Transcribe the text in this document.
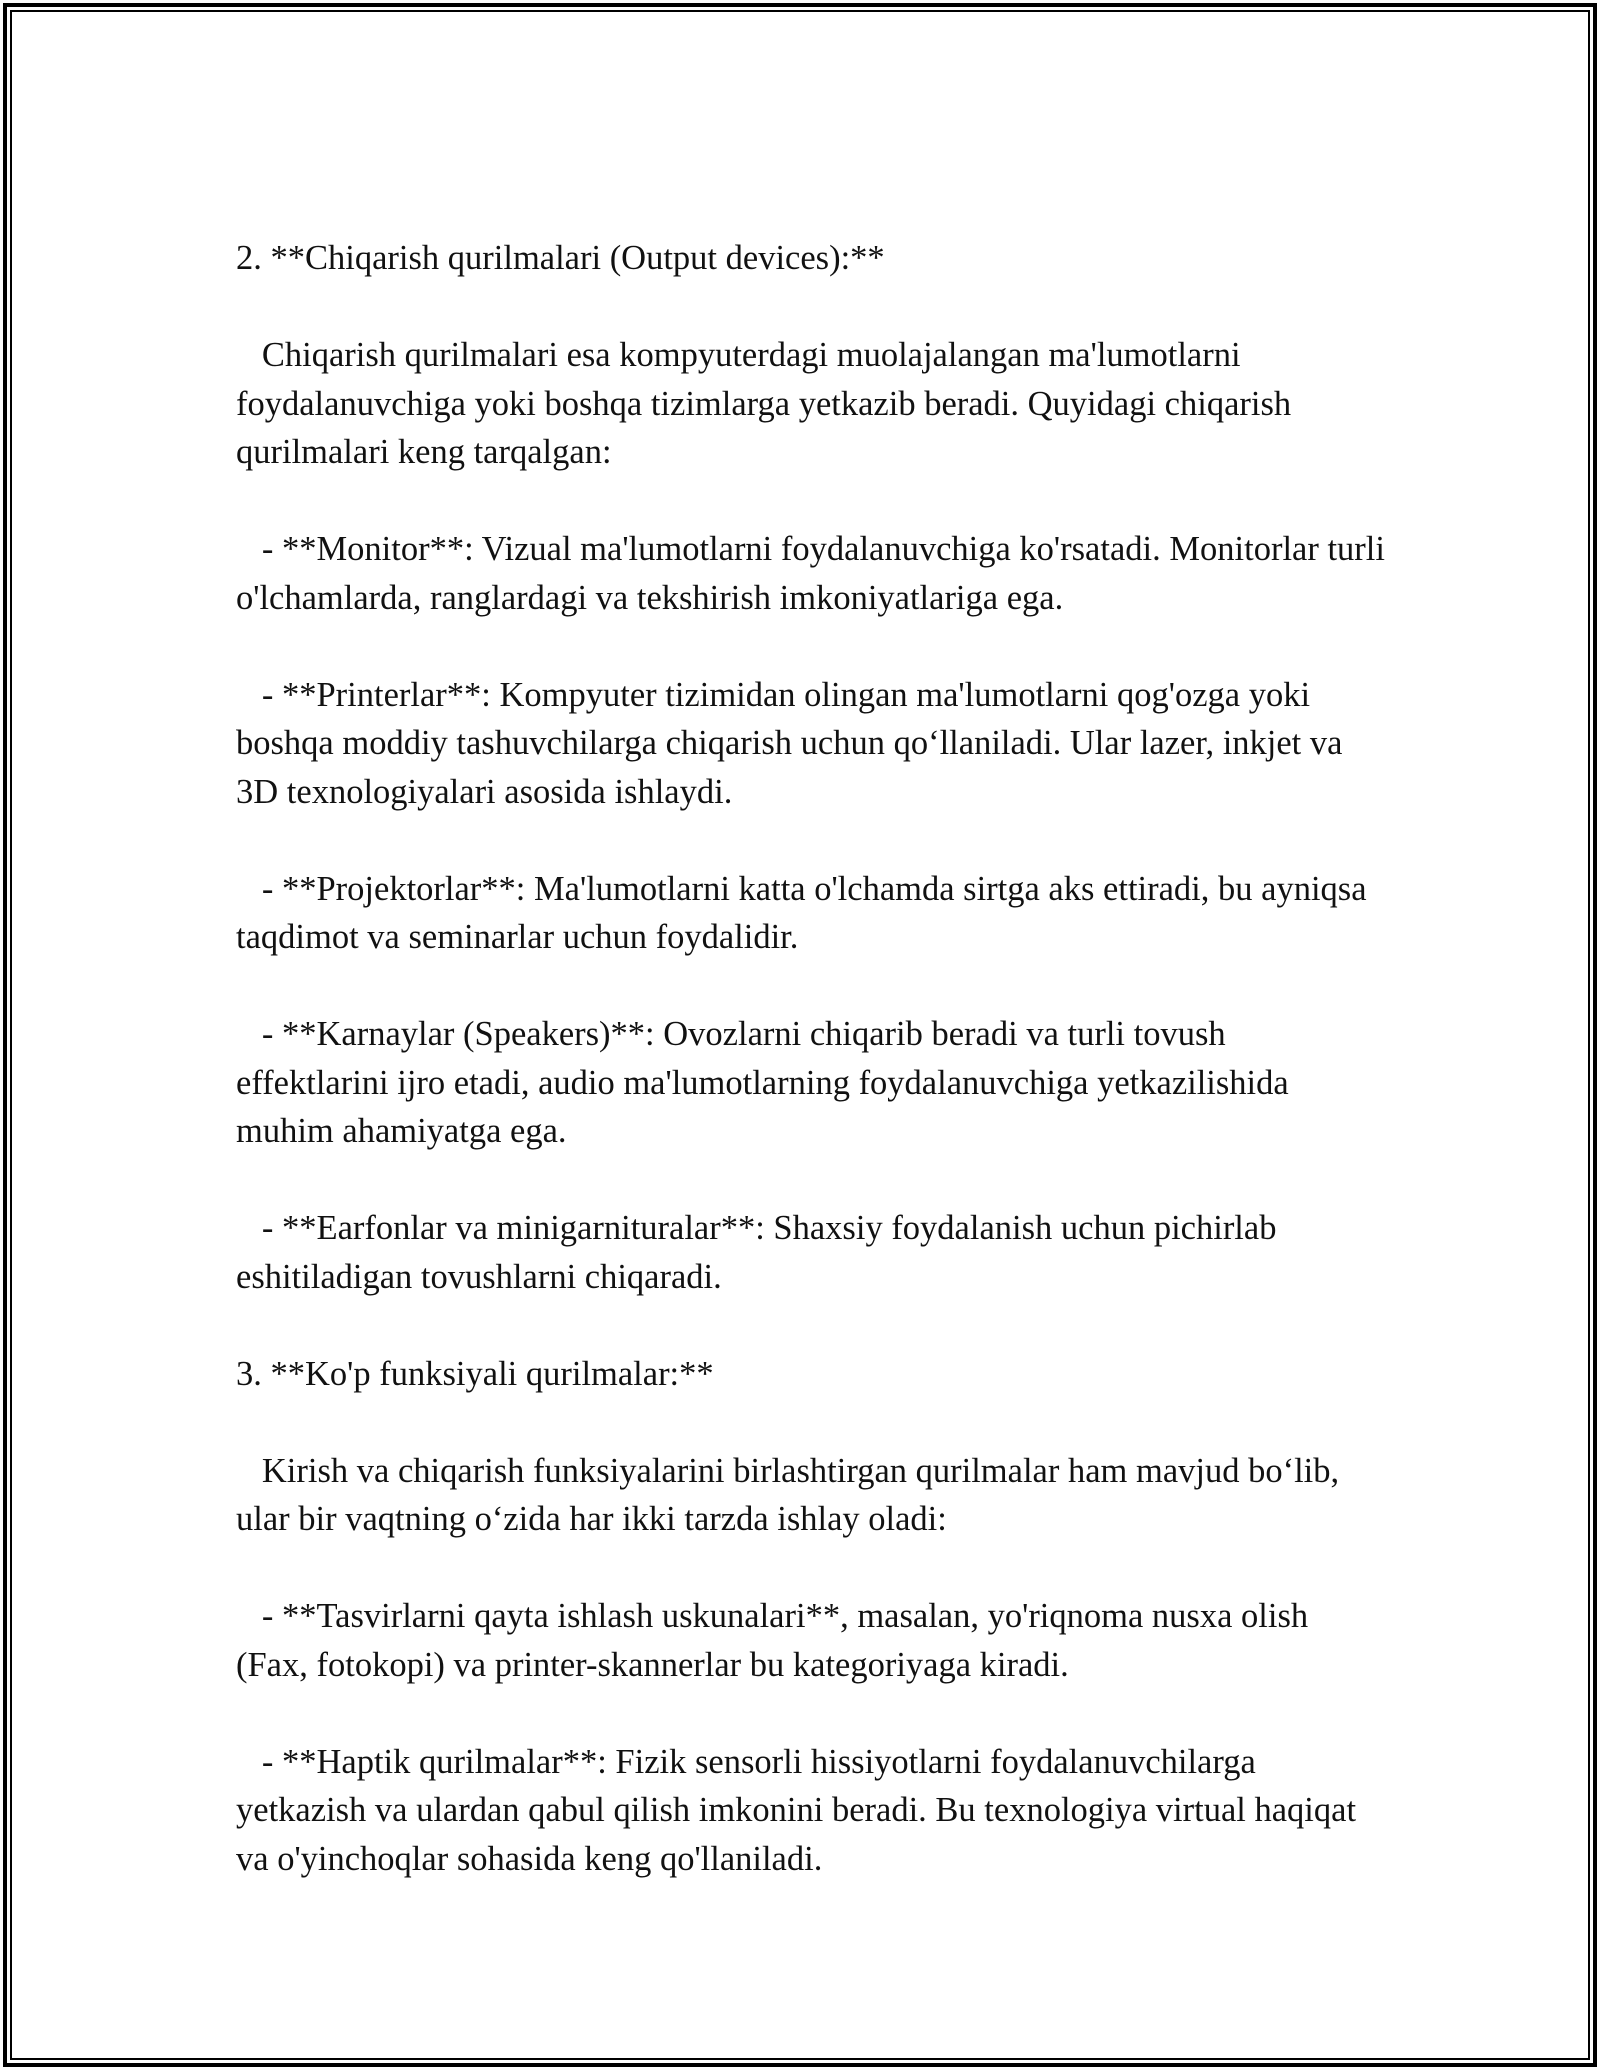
2. **Chiqarish qurilmalari (Output devices):**

Chiqarish qurilmalari esa kompyuterdagi muolajalangan ma'lumotlarni foydalanuvchiga yoki boshqa tizimlarga yetkazib beradi. Quyidagi chiqarish qurilmalari keng tarqalgan:

- **Monitor**: Vizual ma'lumotlarni foydalanuvchiga ko'rsatadi. Monitorlar turli o'lchamlarda, ranglardagi va tekshirish imkoniyatlariga ega.

- **Printerlar**: Kompyuter tizimidan olingan ma'lumotlarni qog'ozga yoki boshqa moddiy tashuvchilarga chiqarish uchun qo‘llaniladi. Ular lazer, inkjet va 3D texnologiyalari asosida ishlaydi.

- **Projektorlar**: Ma'lumotlarni katta o'lchamda sirtga aks ettiradi, bu ayniqsa taqdimot va seminarlar uchun foydalidir.

- **Karnaylar (Speakers)**: Ovozlarni chiqarib beradi va turli tovush effektlarini ijro etadi, audio ma'lumotlarning foydalanuvchiga yetkazilishida muhim ahamiyatga ega.

- **Earfonlar va minigarnituralar**: Shaxsiy foydalanish uchun pichirlab eshitiladigan tovushlarni chiqaradi.

3. **Ko'p funksiyali qurilmalar:**

Kirish va chiqarish funksiyalarini birlashtirgan qurilmalar ham mavjud bo‘lib, ular bir vaqtning o‘zida har ikki tarzda ishlay oladi:

- **Tasvirlarni qayta ishlash uskunalari**, masalan, yo'riqnoma nusxa olish (Fax, fotokopi) va printer-skannerlar bu kategoriyaga kiradi.

- **Haptik qurilmalar**: Fizik sensorli hissiyotlarni foydalanuvchilarga yetkazish va ulardan qabul qilish imkonini beradi. Bu texnologiya virtual haqiqat va o'yinchoqlar sohasida keng qo'llaniladi.
